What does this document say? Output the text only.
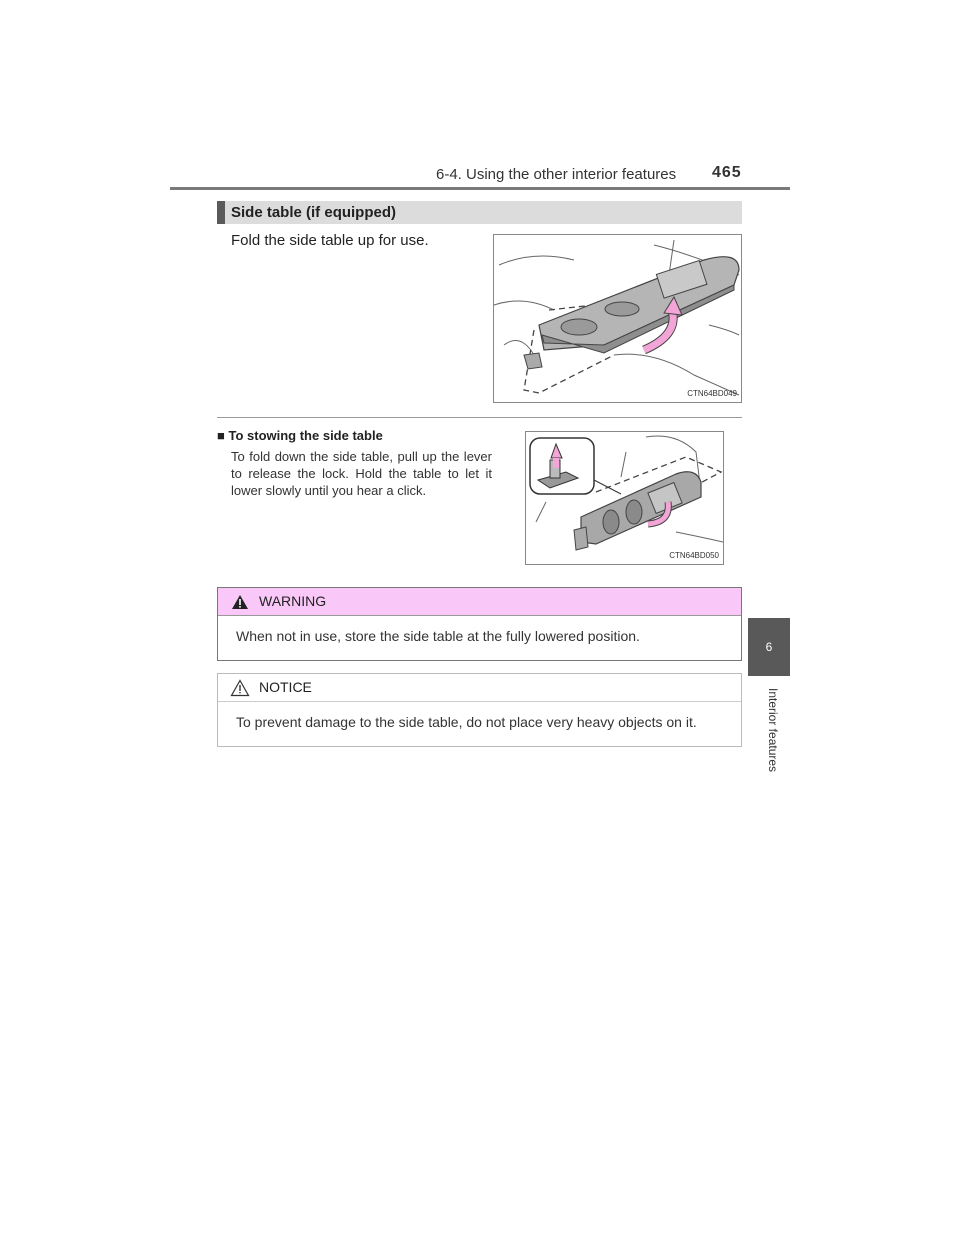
6-4. Using the other interior features 465
6
Interior features
Side table (if equipped)
Fold the side table up for use.
CTN64BD049
■ To stowing the side table
To fold down the side table, pull up the lever to release the lock. Hold the table to let it lower slowly until you hear a click.
CTN64BD050
WARNING
When not in use, store the side table at the fully lowered position.
NOTICE
To prevent damage to the side table, do not place very heavy objects on it.
